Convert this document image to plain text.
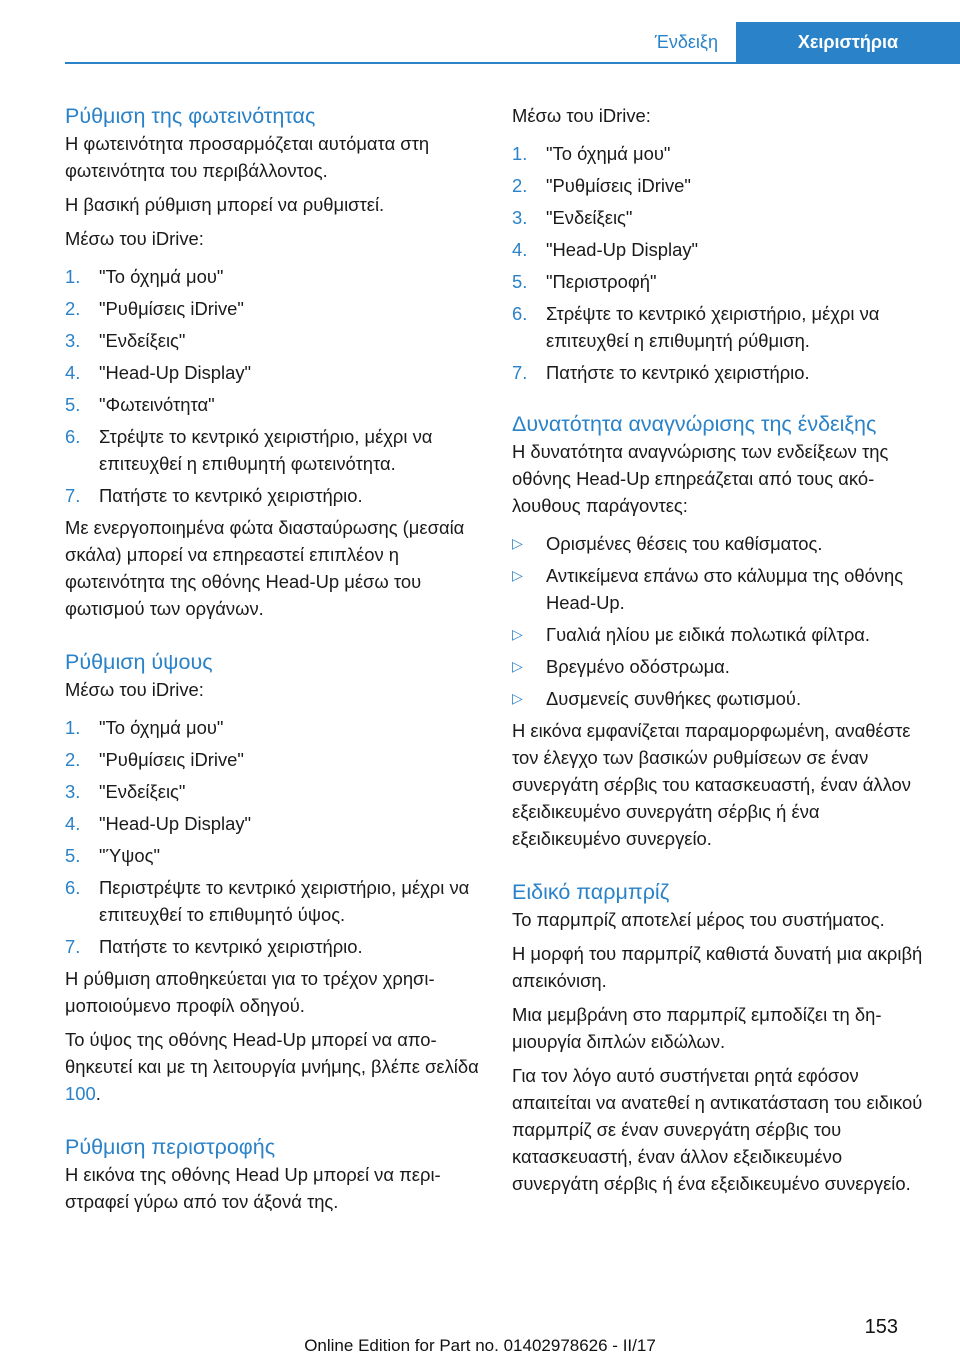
Ένδειξη	Χειριστήρια
Ρύθμιση της φωτεινότητας

Η φωτεινότητα προσαρμόζεται αυτόματα στη φωτεινότητα του περιβάλλοντος.

Η βασική ρύθμιση μπορεί να ρυθμιστεί.

Μέσω του iDrive:

1.	"Το όχημά μου"
2.	"Ρυθμίσεις iDrive"
3.	"Ενδείξεις"
4.	"Head-Up Display"
5.	"Φωτεινότητα"
6.	Στρέψτε το κεντρικό χειριστήριο, μέχρι να επιτευχθεί η επιθυμητή φωτεινότητα.
7.	Πατήστε το κεντρικό χειριστήριο.

Με ενεργοποιημένα φώτα διασταύρωσης (μεσαία σκάλα) μπορεί να επηρεαστεί επιπλέον η φωτεινότητα της οθόνης Head-Up μέσω του φωτισμού των οργάνων.

Ρύθμιση ύψους

Μέσω του iDrive:

1.	"Το όχημά μου"
2.	"Ρυθμίσεις iDrive"
3.	"Ενδείξεις"
4.	"Head-Up Display"
5.	"Ύψος"
6.	Περιστρέψτε το κεντρικό χειριστήριο, μέχρι να επιτευχθεί το επιθυμητό ύψος.
7.	Πατήστε το κεντρικό χειριστήριο.

Η ρύθμιση αποθηκεύεται για το τρέχον χρησιμοποιούμενο προφίλ οδηγού.

Το ύψος της οθόνης Head-Up μπορεί να αποθηκευτεί και με τη λειτουργία μνήμης, βλέπε σελίδα 100.

Ρύθμιση περιστροφής

Η εικόνα της οθόνης Head Up μπορεί να περιστραφεί γύρω από τον άξονά της.

Μέσω του iDrive:

1.	"Το όχημά μου"
2.	"Ρυθμίσεις iDrive"
3.	"Ενδείξεις"
4.	"Head-Up Display"
5.	"Περιστροφή"
6.	Στρέψτε το κεντρικό χειριστήριο, μέχρι να επιτευχθεί η επιθυμητή ρύθμιση.
7.	Πατήστε το κεντρικό χειριστήριο.
Δυνατότητα αναγνώρισης της ένδειξης

Η δυνατότητα αναγνώρισης των ενδείξεων της οθόνης Head-Up επηρεάζεται από τους ακόλουθους παράγοντες:

▷	Ορισμένες θέσεις του καθίσματος.
▷	Αντικείμενα επάνω στο κάλυμμα της οθόνης Head-Up.
▷	Γυαλιά ηλίου με ειδικά πολωτικά φίλτρα.
▷	Βρεγμένο οδόστρωμα.
▷	Δυσμενείς συνθήκες φωτισμού.

Η εικόνα εμφανίζεται παραμορφωμένη, αναθέστε τον έλεγχο των βασικών ρυθμίσεων σε έναν συνεργάτη σέρβις του κατασκευαστή, έναν άλλον εξειδικευμένο συνεργάτη σέρβις ή ένα εξειδικευμένο συνεργείο.

Ειδικό παρμπρίζ

Το παρμπρίζ αποτελεί μέρος του συστήματος.

Η μορφή του παρμπρίζ καθιστά δυνατή μια ακριβή απεικόνιση.

Μια μεμβράνη στο παρμπρίζ εμποδίζει τη δημιουργία διπλών ειδώλων.

Για τον λόγο αυτό συστήνεται ρητά εφόσον απαιτείται να ανατεθεί η αντικατάσταση του ειδικού παρμπρίζ σε έναν συνεργάτη σέρβις του κατασκευαστή, έναν άλλον εξειδικευμένο συνεργάτη σέρβις ή ένα εξειδικευμένο συνεργείο.

153
Online Edition for Part no. 01402978626 - II/17
